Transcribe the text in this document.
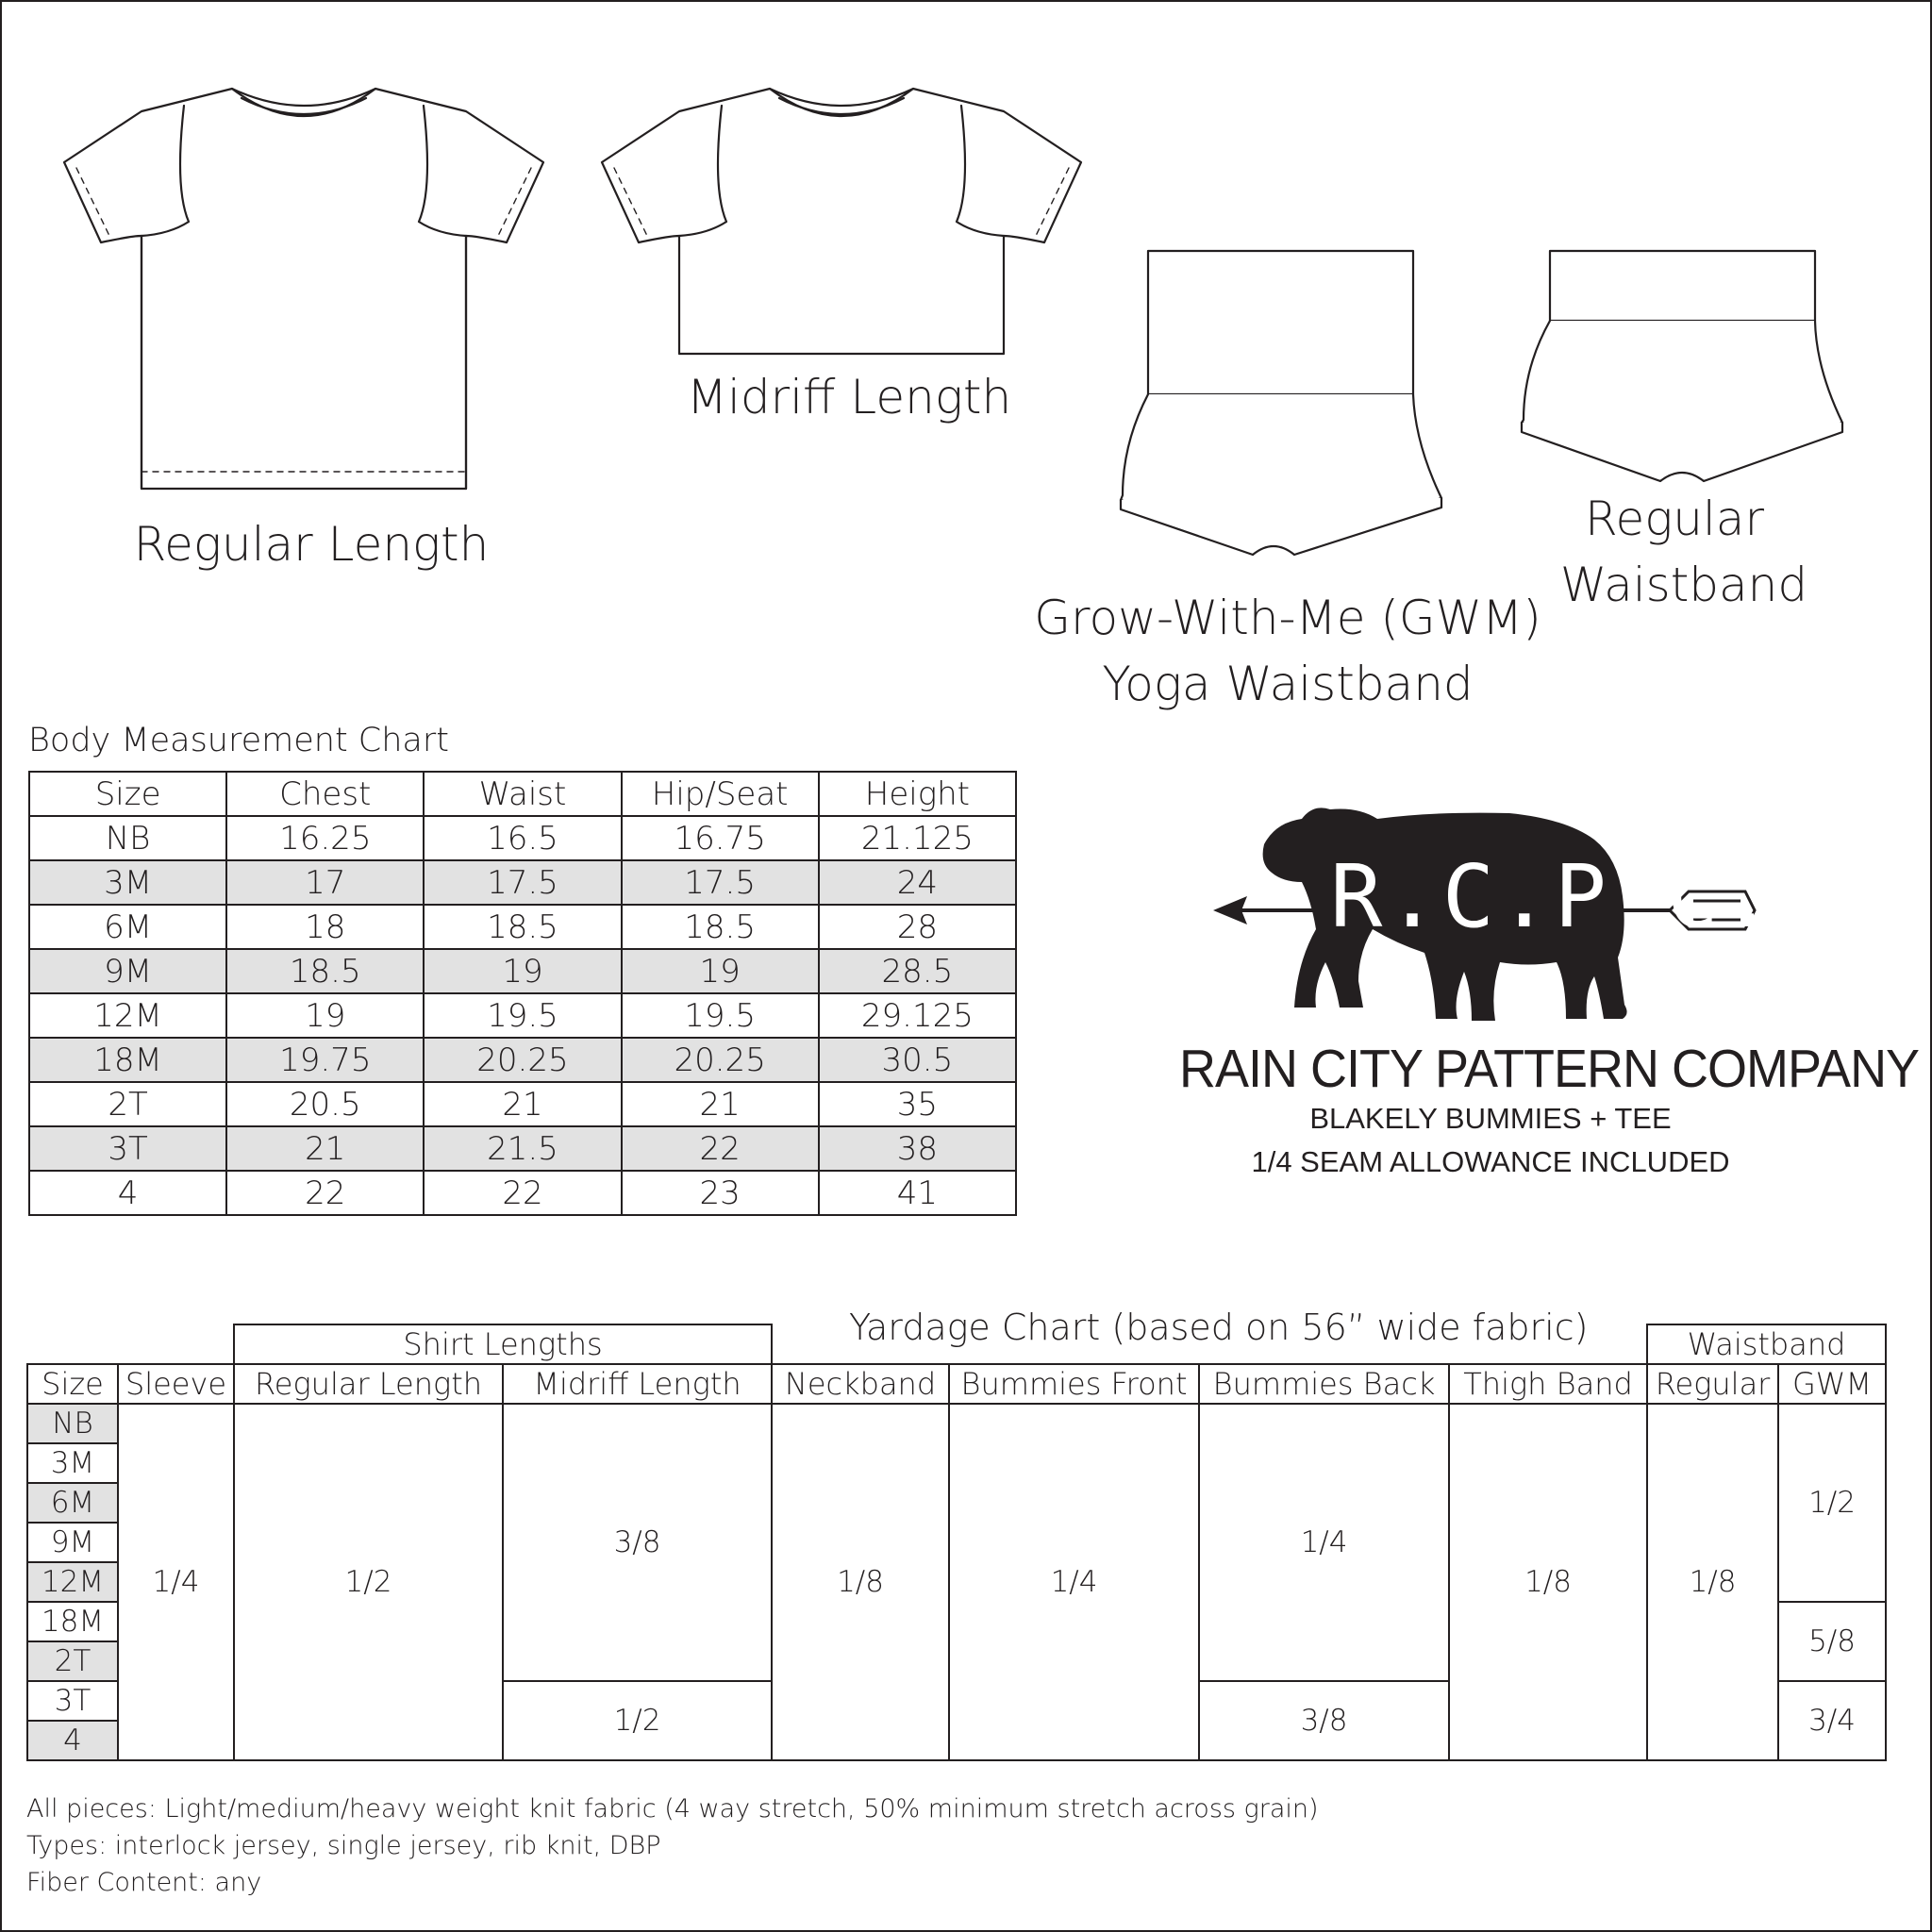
Regular Length
Midriff Length
Grow-With-Me (GWM)
Yoga Waistband
Regular
Waistband
Body Measurement Chart
Size	Chest	Waist	Hip/Seat	Height
NB	16.25	16.5	16.75	21.125
3M	17	17.5	17.5	24
6M	18	18.5	18.5	28
9M	18.5	19	19	28.5
12M	19	19.5	19.5	29.125
18M	19.75	20.25	20.25	30.5
2T	20.5	21	21	35
3T	21	21.5	22	38
4	22	22	23	41
R.C.P.C.
RAIN CITY PATTERN COMPANY
BLAKELY BUMMIES + TEE
1/4 SEAM ALLOWANCE INCLUDED
Yardage Chart (based on 56” wide fabric)
		Shirt Lengths						Waistband	
Size	Sleeve	Regular Length	Midriff Length	Neckband	Bummies Front	Bummies Back	Thigh Band	Regular	GWM
NB	1/4	1/2	3/8	1/8	1/4	1/4	1/8	1/8	1/2
3M									
6M									
9M									
12M									
18M									5/8
2T									
3T			1/2			3/8			3/4
4									
All pieces: Light/medium/heavy weight knit fabric (4 way stretch, 50% minimum stretch across grain)
Types: interlock jersey, single jersey, rib knit, DBP
Fiber Content: any
